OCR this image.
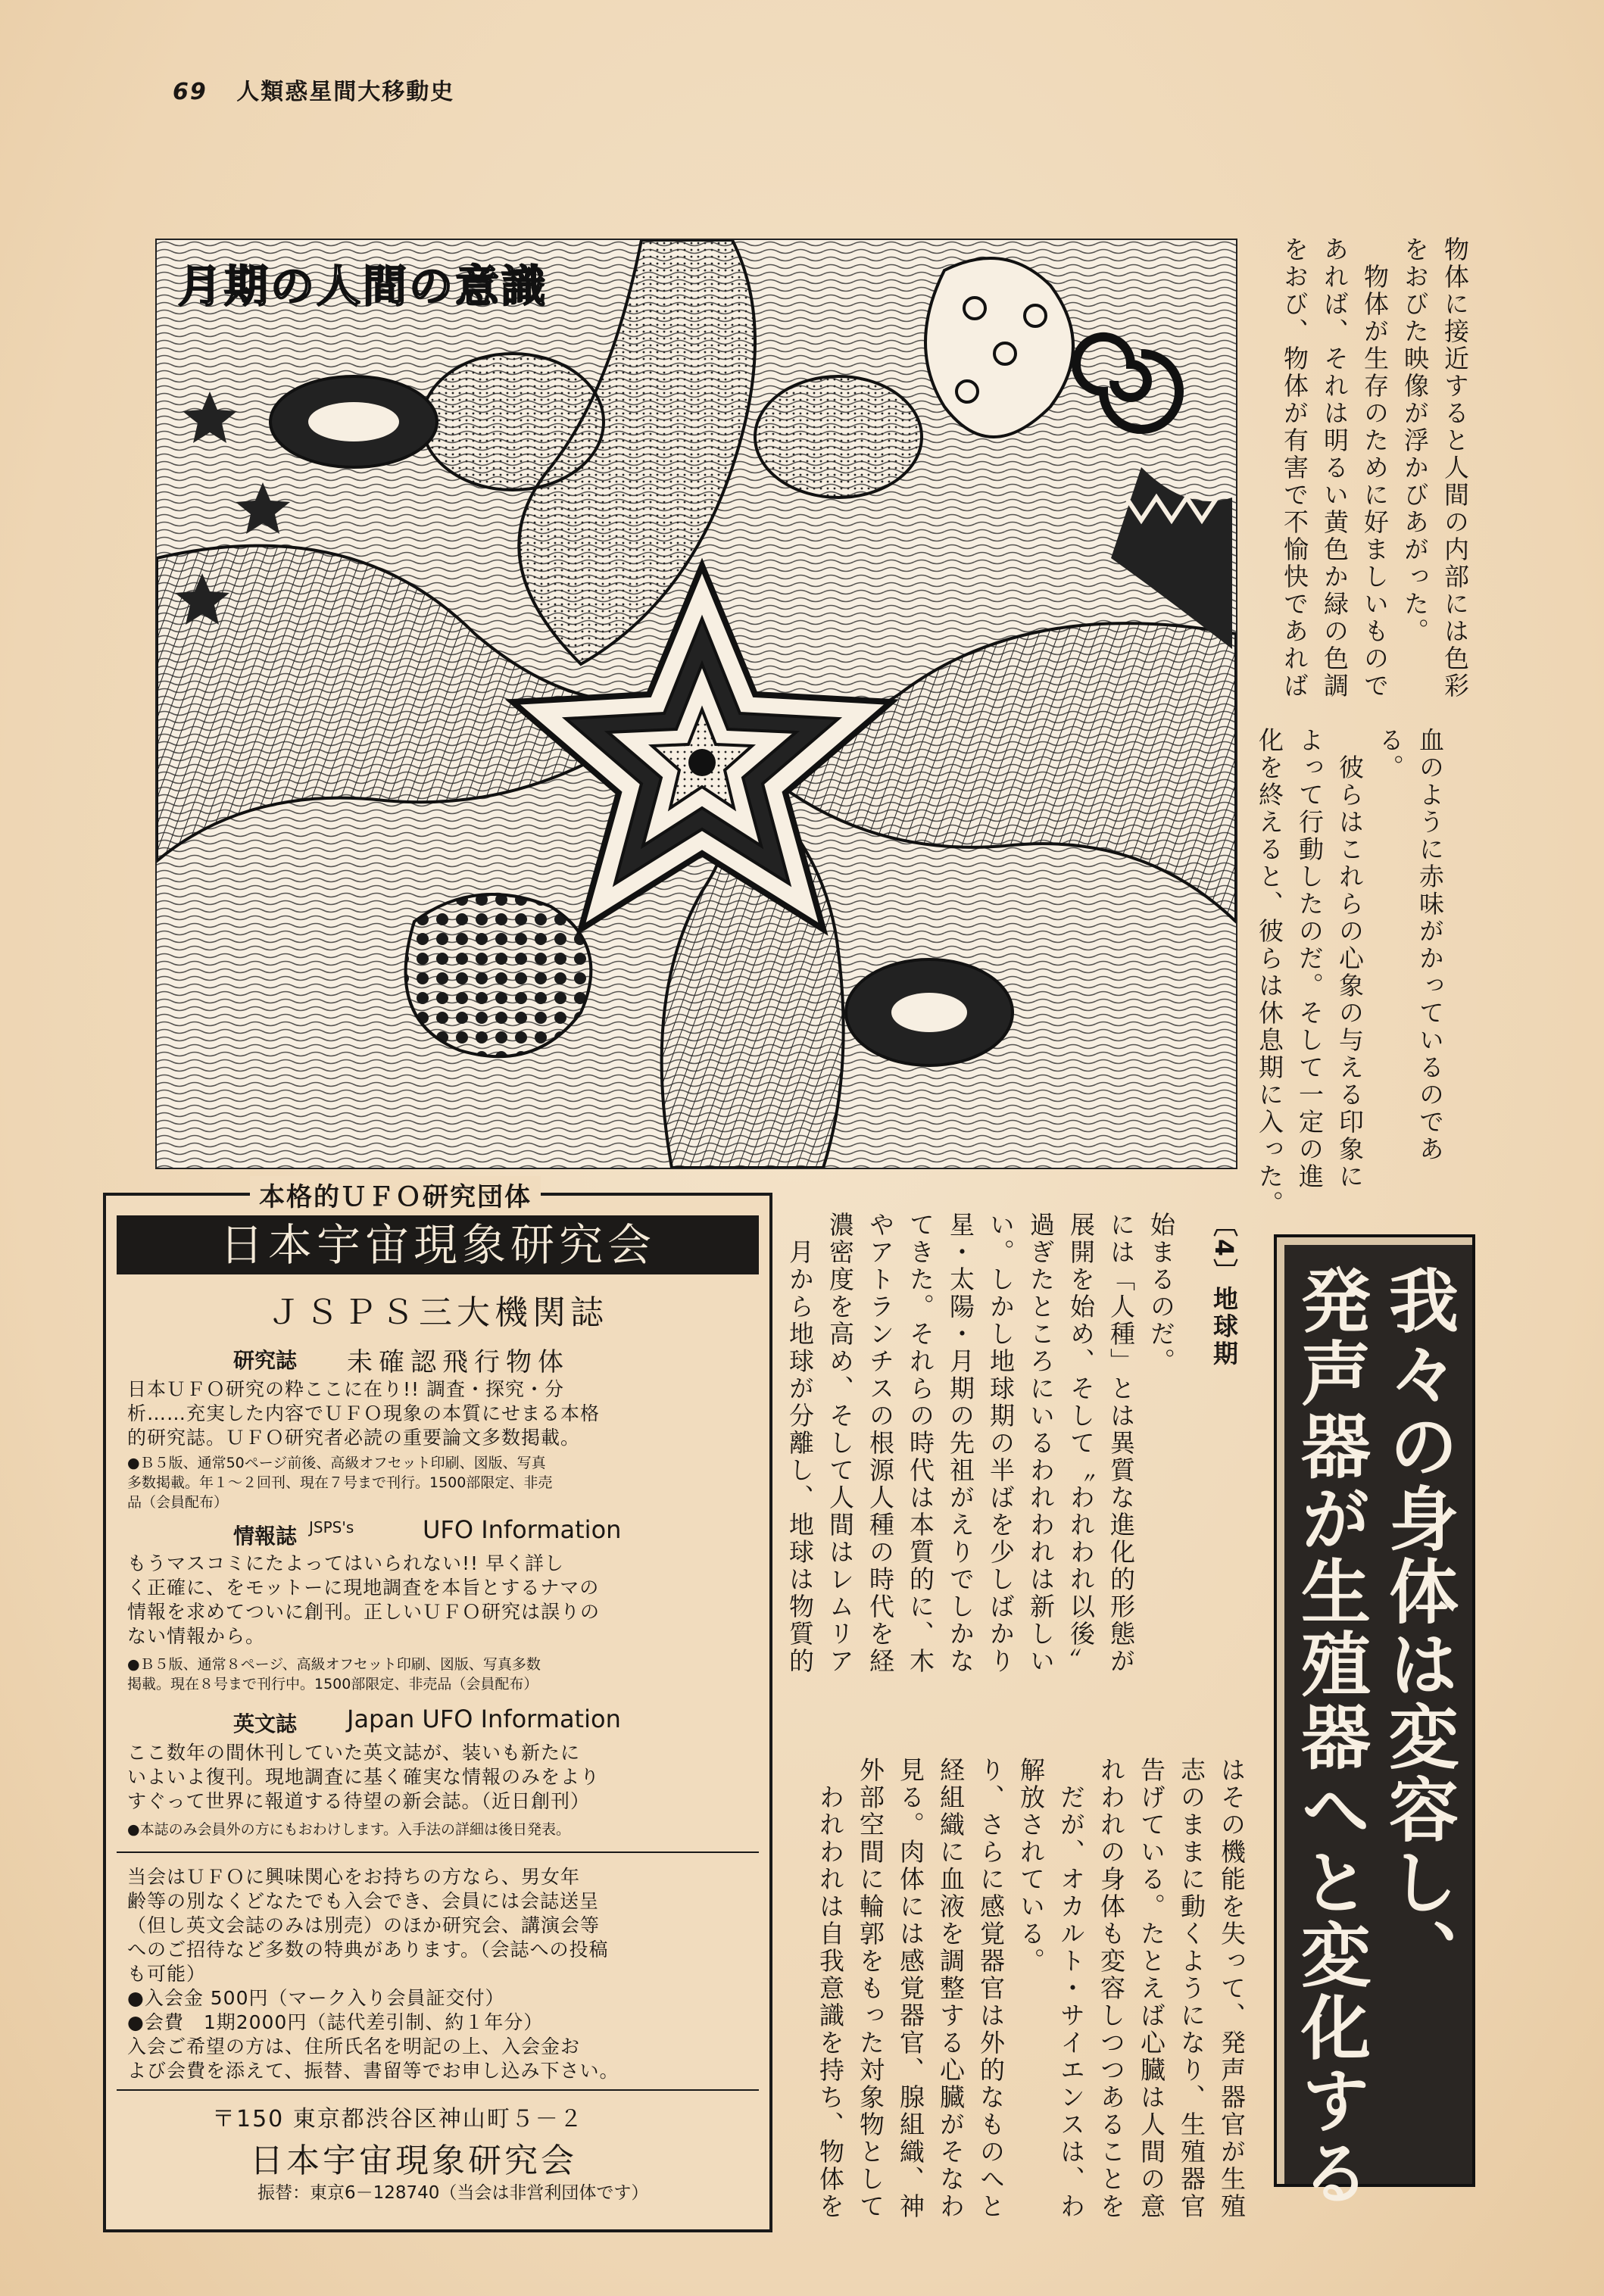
69 人類惑星間大移動史
月期の人間の意識	物体に接近すると人間の内部には色彩
をおびた映像が浮かびあがった。
　物体が生存のために好ましいもので
あれば、それは明るい黄色か緑の色調
をおび、物体が有害で不愉快であれば
血のように赤味がかっているのであ
る。
　彼らはこれらの心象の与える印象に
よって行動したのだ。そして一定の進
化を終えると、彼らは休息期に入った。
我々の身体は変容し、
発声器が生殖器へと変化する
始まるのだ。
には「人種」とは異質な進化的形態が
展開を始め、そして〝われわれ以後〟
過ぎたところにいるわれわれは新しい
い。しかし地球期の半ばを少しばかり
星・太陽・月期の先祖がえりでしかな
てきた。それらの時代は本質的に、木
やアトランチスの根源人種の時代を経
濃密度を高め、そして人間はレムリア
　月から地球が分離し、地球は物質的	〔4〕地球期
はその機能を失って、発声器官が生殖
志のままに動くようになり、生殖器官
告げている。たとえば心臓は人間の意
れわれの身体も変容しつつあることを
　だが、オカルト・サイエンスは、わ
解放されている。
り、さらに感覚器官は外的なものへと
経組織に血液を調整する心臓がそなわ
見る。肉体には感覚器官、腺組織、神
外部空間に輪郭をもった対象物として
　われわれは自我意識を持ち、物体を
本格的ＵＦＯ研究団体
日本宇宙現象研究会
ＪＳＰＳ三大機関誌
研究誌 未確認飛行物体
日本ＵＦＯ研究の粋ここに在り!! 調査・探究・分
析……充実した内容でＵＦＯ現象の本質にせまる本格
的研究誌。ＵＦＯ研究者必読の重要論文多数掲載。
●Ｂ５版、通常50ページ前後、高級オフセット印刷、図版、写真
多数掲載。年１～２回刊、現在７号まで刊行。1500部限定、非売
品（会員配布）
情報誌 JSPS's	UFO Information
もうマスコミにたよってはいられない!! 早く詳し
く正確に、をモットーに現地調査を本旨とするナマの
情報を求めてついに創刊。正しいＵＦＯ研究は誤りの
ない情報から。
●Ｂ５版、通常８ページ、高級オフセット印刷、図版、写真多数
掲載。現在８号まで刊行中。1500部限定、非売品（会員配布）
英文誌 Japan UFO Information
ここ数年の間休刊していた英文誌が、装いも新たに
いよいよ復刊。現地調査に基く確実な情報のみをより
すぐって世界に報道する待望の新会誌。（近日創刊）
●本誌のみ会員外の方にもおわけします。入手法の詳細は後日発表。
当会はＵＦＯに興味関心をお持ちの方なら、男女年
齢等の別なくどなたでも入会でき、会員には会誌送呈
（但し英文会誌のみは別売）のほか研究会、講演会等
へのご招待など多数の特典があります。（会誌への投稿
も可能）
●入会金 500円（マーク入り会員証交付）
●会費　1期2000円（誌代差引制、約１年分）
入会ご希望の方は、住所氏名を明記の上、入会金お
よび会費を添えて、振替、書留等でお申し込み下さい。
〒150 東京都渋谷区神山町５－２
日本宇宙現象研究会
振替：東京6－128740（当会は非営利団体です）
